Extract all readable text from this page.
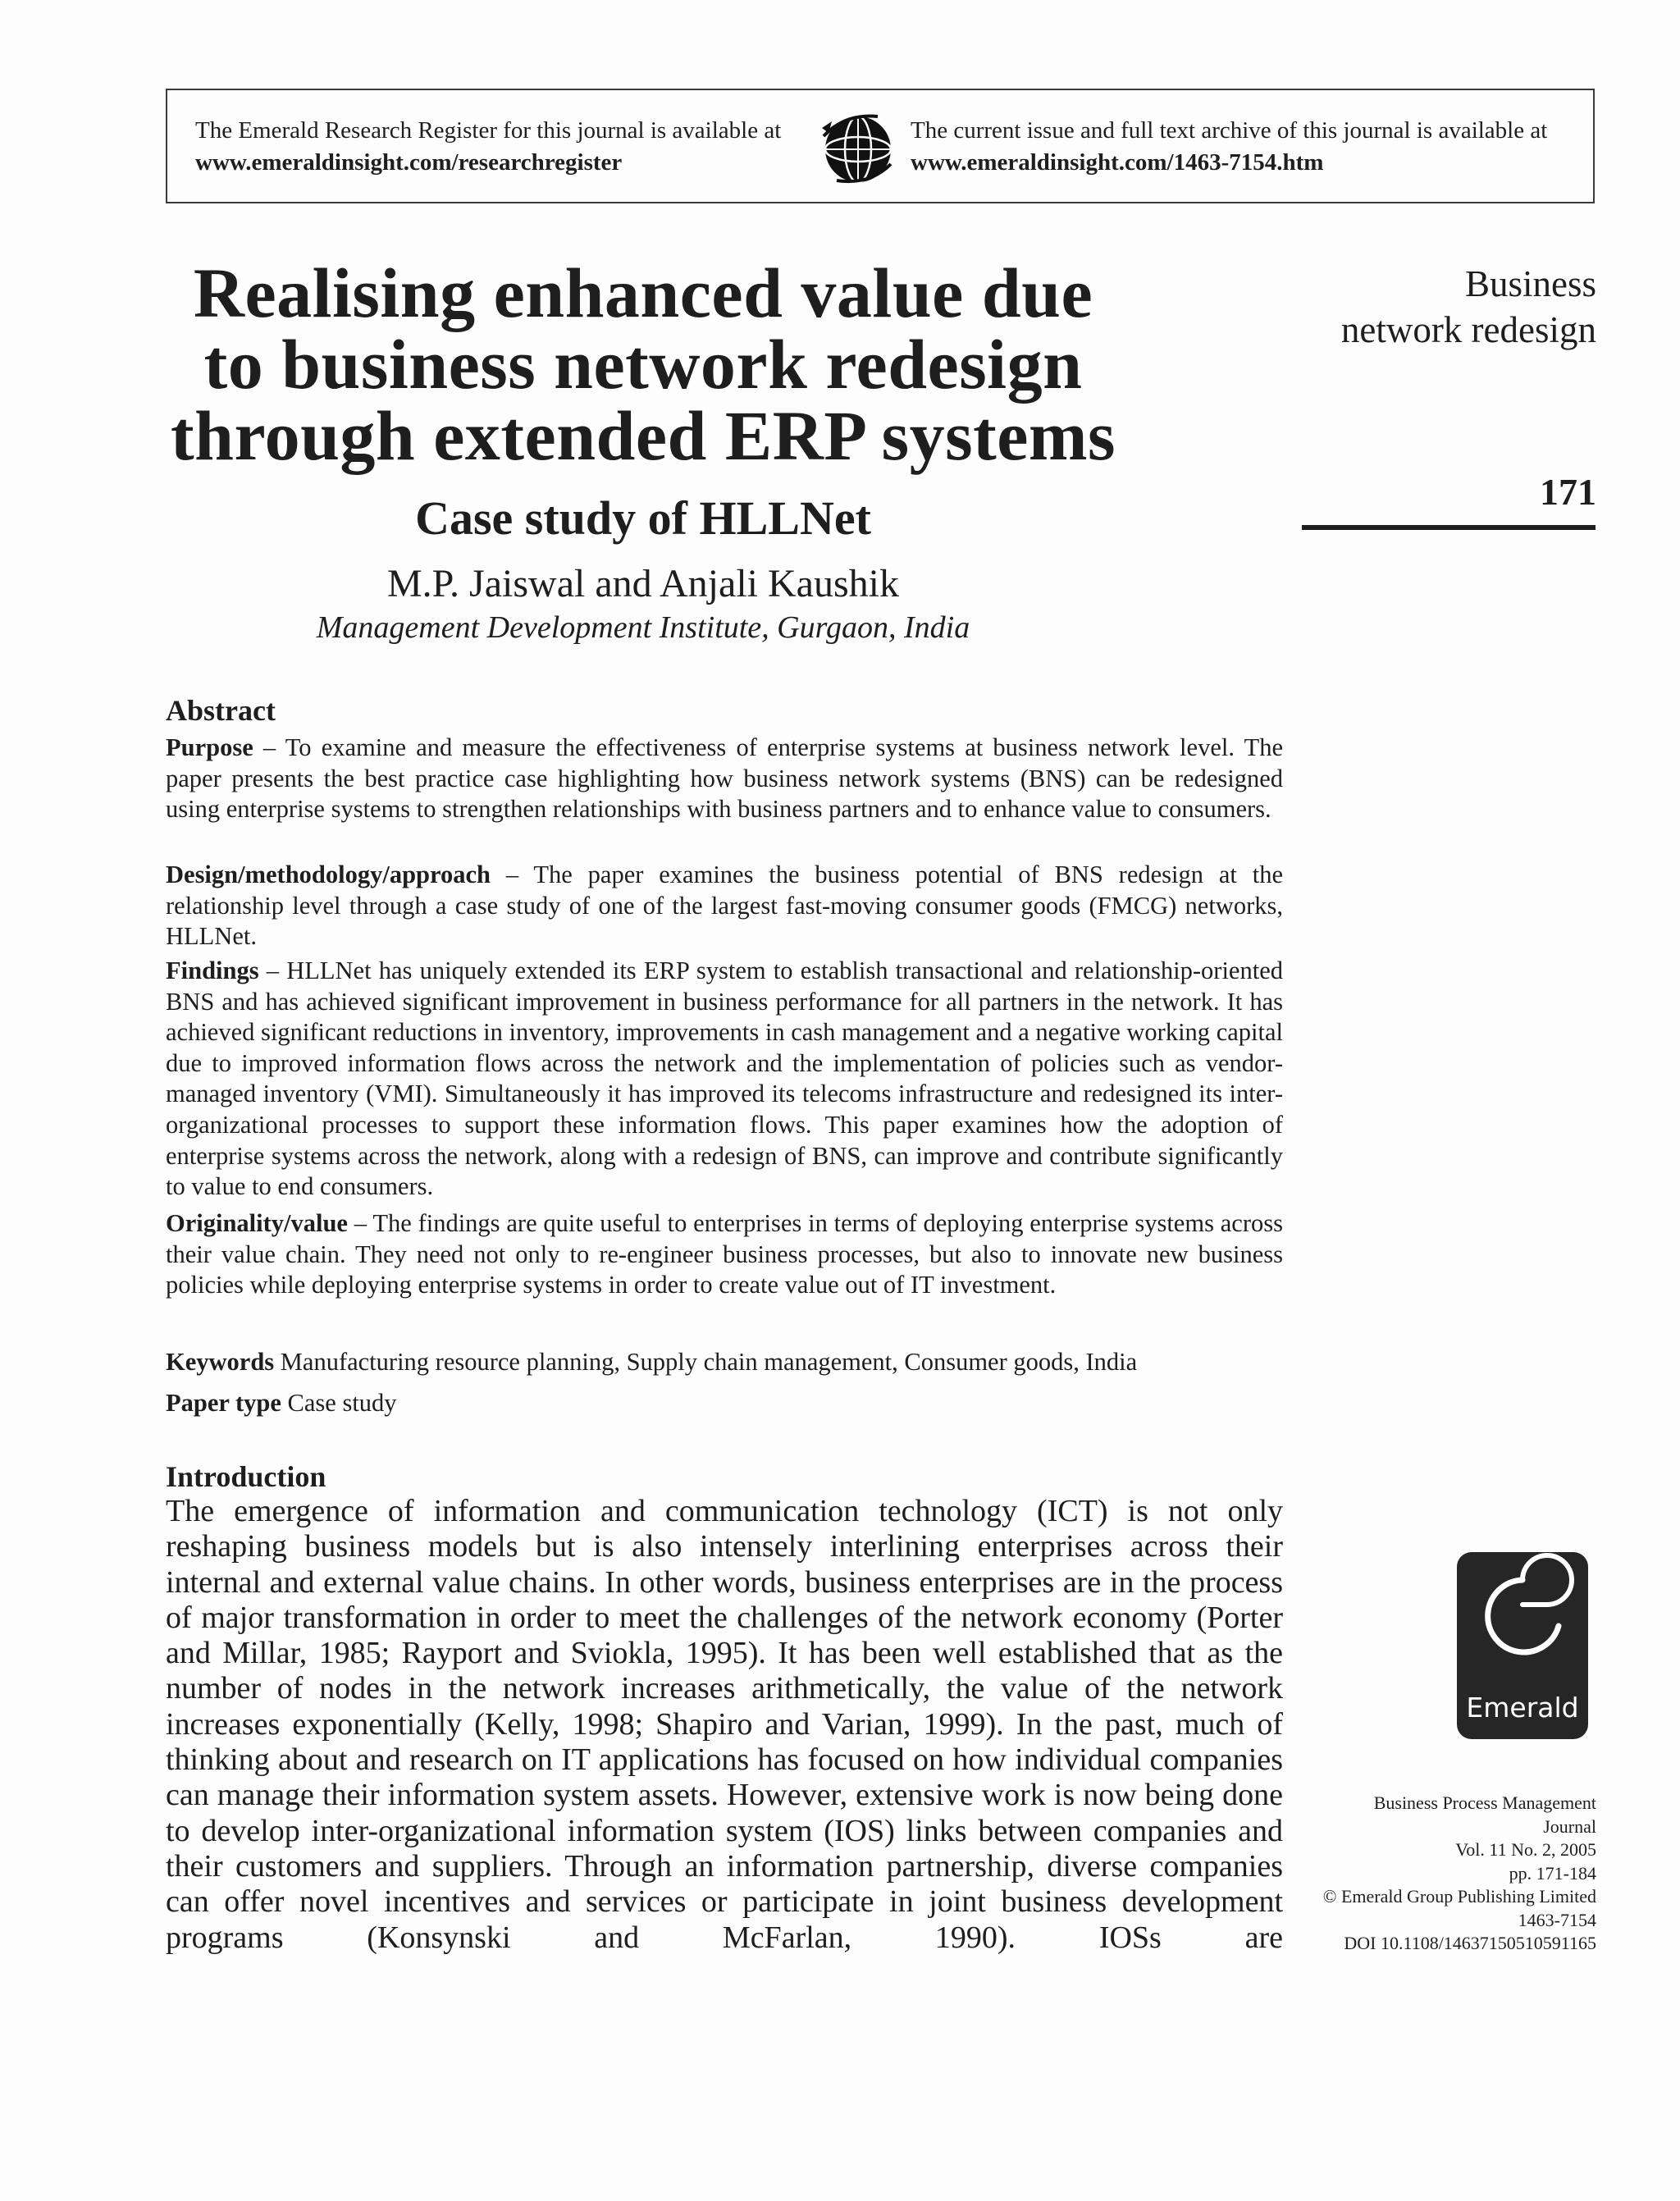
The Emerald Research Register for this journal is available at
www.emeraldinsight.com/researchregister
The current issue and full text archive of this journal is available at
www.emeraldinsight.com/1463-7154.htm
Realising enhanced value due to business network redesign through extended ERP systems
Case study of HLLNet
M.P. Jaiswal and Anjali Kaushik
Management Development Institute, Gurgaon, India
Business
network redesign
171
Emerald
Business Process Management
Journal
Vol. 11 No. 2, 2005
pp. 171-184
© Emerald Group Publishing Limited
1463-7154
DOI 10.1108/14637150510591165
Abstract

Purpose – To examine and measure the effectiveness of enterprise systems at business network level. The paper presents the best practice case highlighting how business network systems (BNS) can be redesigned using enterprise systems to strengthen relationships with business partners and to enhance value to consumers.

Design/methodology/approach – The paper examines the business potential of BNS redesign at the relationship level through a case study of one of the largest fast-moving consumer goods (FMCG) networks, HLLNet.

Findings – HLLNet has uniquely extended its ERP system to establish transactional and relationship-oriented BNS and has achieved significant improvement in business performance for all partners in the network. It has achieved significant reductions in inventory, improvements in cash management and a negative working capital due to improved information flows across the network and the implementation of policies such as vendor-managed inventory (VMI). Simultaneously it has improved its telecoms infrastructure and redesigned its inter-organizational processes to support these information flows. This paper examines how the adoption of enterprise systems across the network, along with a redesign of BNS, can improve and contribute significantly to value to end consumers.

Originality/value – The findings are quite useful to enterprises in terms of deploying enterprise systems across their value chain. They need not only to re-engineer business processes, but also to innovate new business policies while deploying enterprise systems in order to create value out of IT investment.

Keywords Manufacturing resource planning, Supply chain management, Consumer goods, India
Paper type Case study
Introduction

The emergence of information and communication technology (ICT) is not only reshaping business models but is also intensely interlining enterprises across their internal and external value chains. In other words, business enterprises are in the process of major transformation in order to meet the challenges of the network economy (Porter and Millar, 1985; Rayport and Sviokla, 1995). It has been well established that as the number of nodes in the network increases arithmetically, the value of the network increases exponentially (Kelly, 1998; Shapiro and Varian, 1999). In the past, much of thinking about and research on IT applications has focused on how individual companies can manage their information system assets. However, extensive work is now being done to develop inter-organizational information system (IOS) links between companies and their customers and suppliers. Through an information partnership, diverse companies can offer novel incentives and services or participate in joint business development programs (Konsynski and McFarlan, 1990). IOSs are
